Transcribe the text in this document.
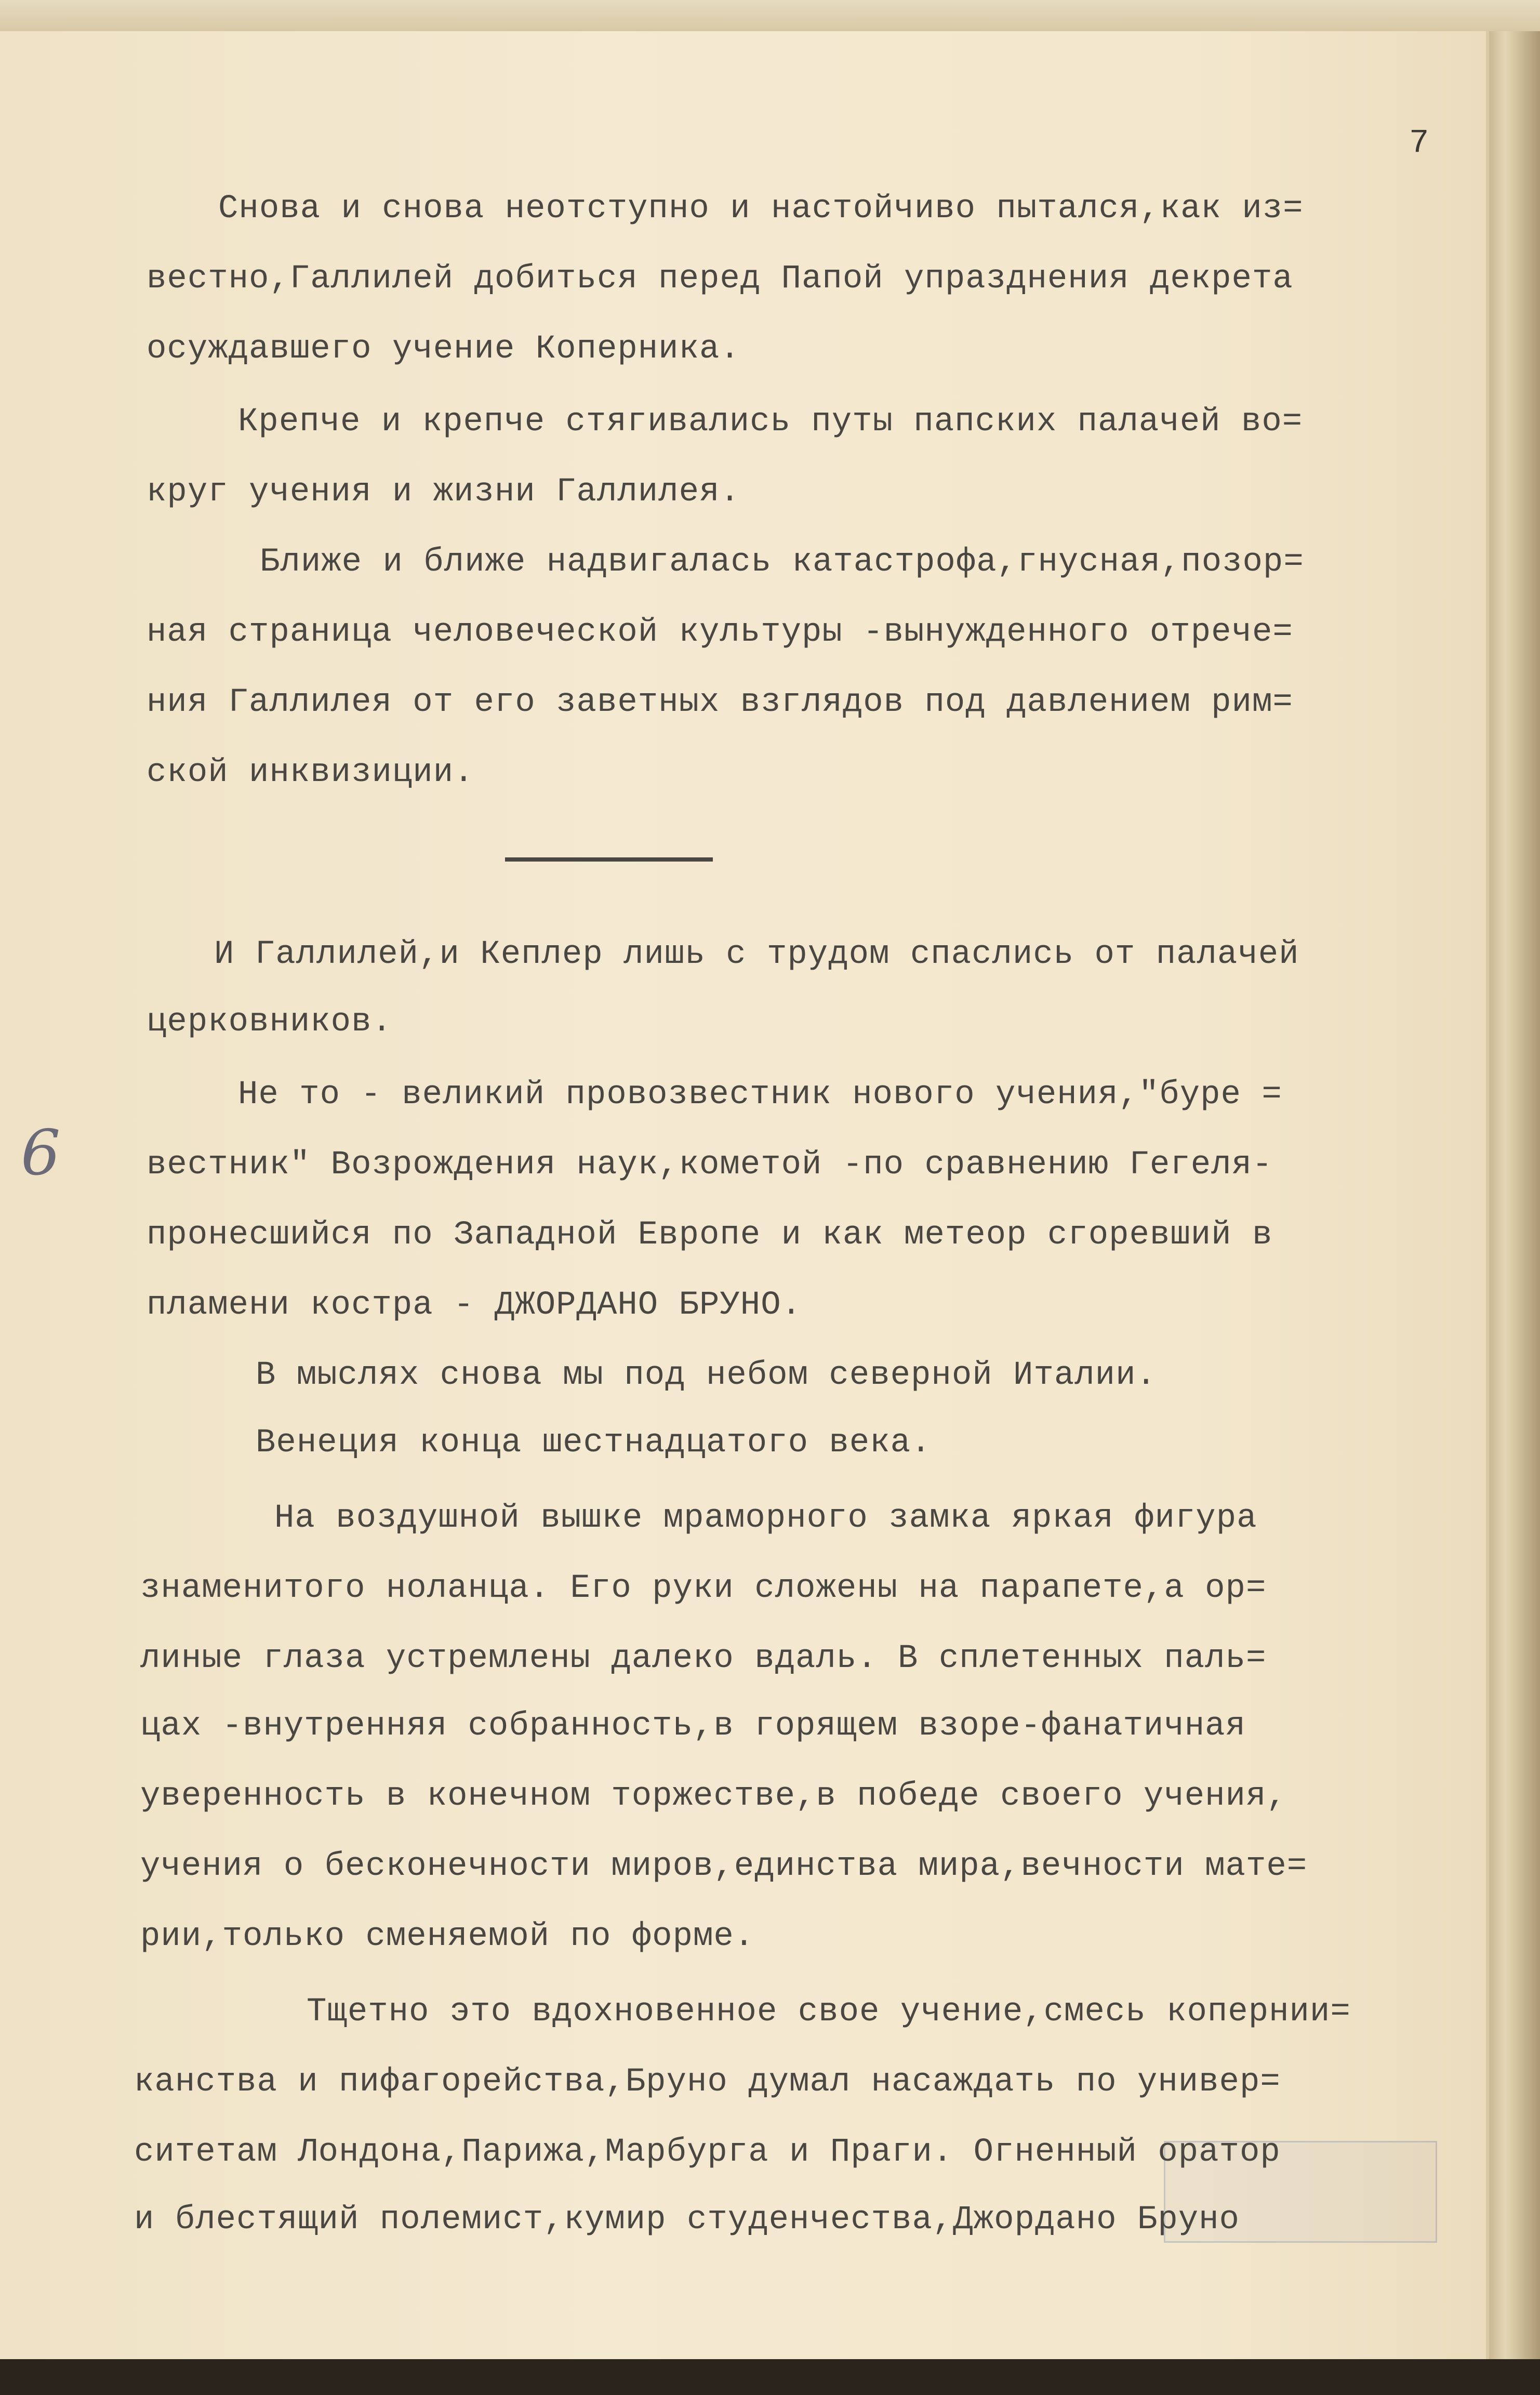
7
6

Снова и снова неотступно и настойчиво пытался,как из=

вестно,Галлилей добиться перед Папой упразднения декрета

осуждавшего учение Коперника.

Крепче и крепче стягивались путы папских палачей во=

круг учения и жизни Галлилея.

Ближе и ближе надвигалась катастрофа,гнусная,позор=

ная страница человеческой культуры -вынужденного отрече=

ния Галлилея от его заветных взглядов под давлением рим=

ской инквизиции.

И Галлилей,и Кеплер лишь с трудом спаслись от палачей

церковников.

Не то - великий провозвестник нового учения,"буре =

вестник" Возрождения наук,кометой -по сравнению Гегеля-

пронесшийся по Западной Европе и как метеор сгоревший в

пламени костра - ДЖОРДАНО БРУНО.

В мыслях снова мы под небом северной Италии.

Венеция конца шестнадцатого века.

На воздушной вышке мраморного замка яркая фигура

знаменитого ноланца. Его руки сложены на парапете,а ор=

линые глаза устремлены далеко вдаль. В сплетенных паль=

цах -внутренняя собранность,в горящем взоре-фанатичная

уверенность в конечном торжестве,в победе своего учения,

учения о бесконечности миров,единства мира,вечности мате=

рии,только сменяемой по форме.

Тщетно это вдохновенное свое учение,смесь копернии=

канства и пифагорейства,Бруно думал насаждать по универ=

ситетам Лондона,Парижа,Марбурга и Праги. Огненный оратор

и блестящий полемист,кумир студенчества,Джордано Бруно
